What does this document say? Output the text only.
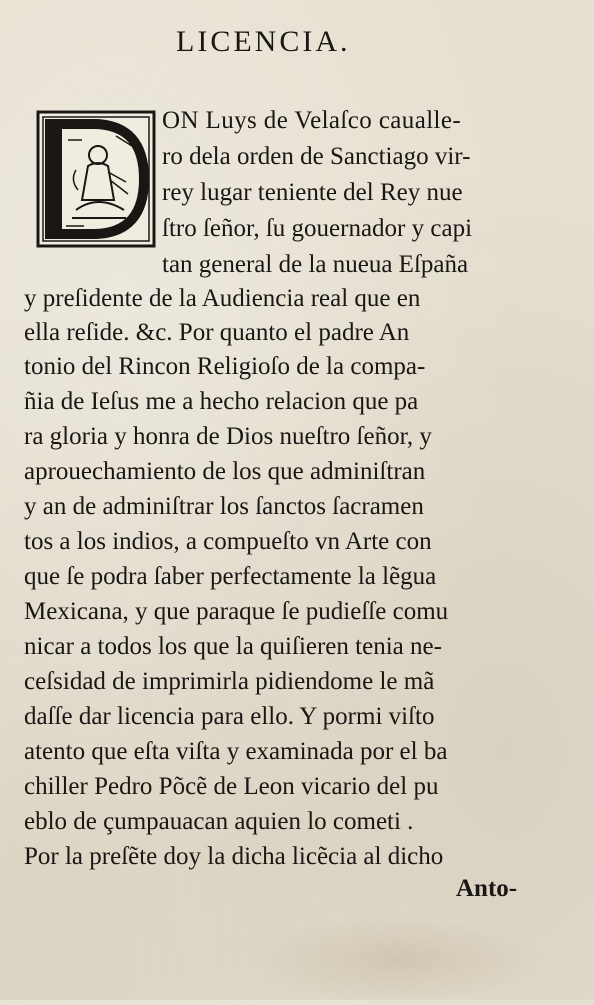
LICENCIA.
ON Luys de Velaſco caualle-
ro dela orden de Sanctiago vir-
rey lugar teniente del Rey nue
ſtro ſeñor, ſu gouernador y capi
tan general de la nueua Eſpaña
y preſidente de la Audiencia real que en
ella reſide. &c. Por quanto el padre An
tonio del Rincon Religioſo de la compa-
ñia de Ieſus me a hecho relacion que pa
ra gloria y honra de Dios nueſtro ſeñor, y
aprouechamiento de los que adminiſtran
y an de adminiſtrar los ſanctos ſacramen
tos a los indios, a compueſto vn Arte con
que ſe podra ſaber perfectamente la lẽgua
Mexicana, y que paraque ſe pudieſſe comu
nicar a todos los que la quiſieren tenia ne-
ceſsidad de imprimirla pidiendome le mã
daſſe dar licencia para ello. Y pormi viſto
atento que eſta viſta y examinada por el ba
chiller Pedro Põcẽ de Leon vicario del pu
eblo de çumpauacan aquien lo cometi .
Por la preſẽte doy la dicha licẽcia al dicho
Anto-
